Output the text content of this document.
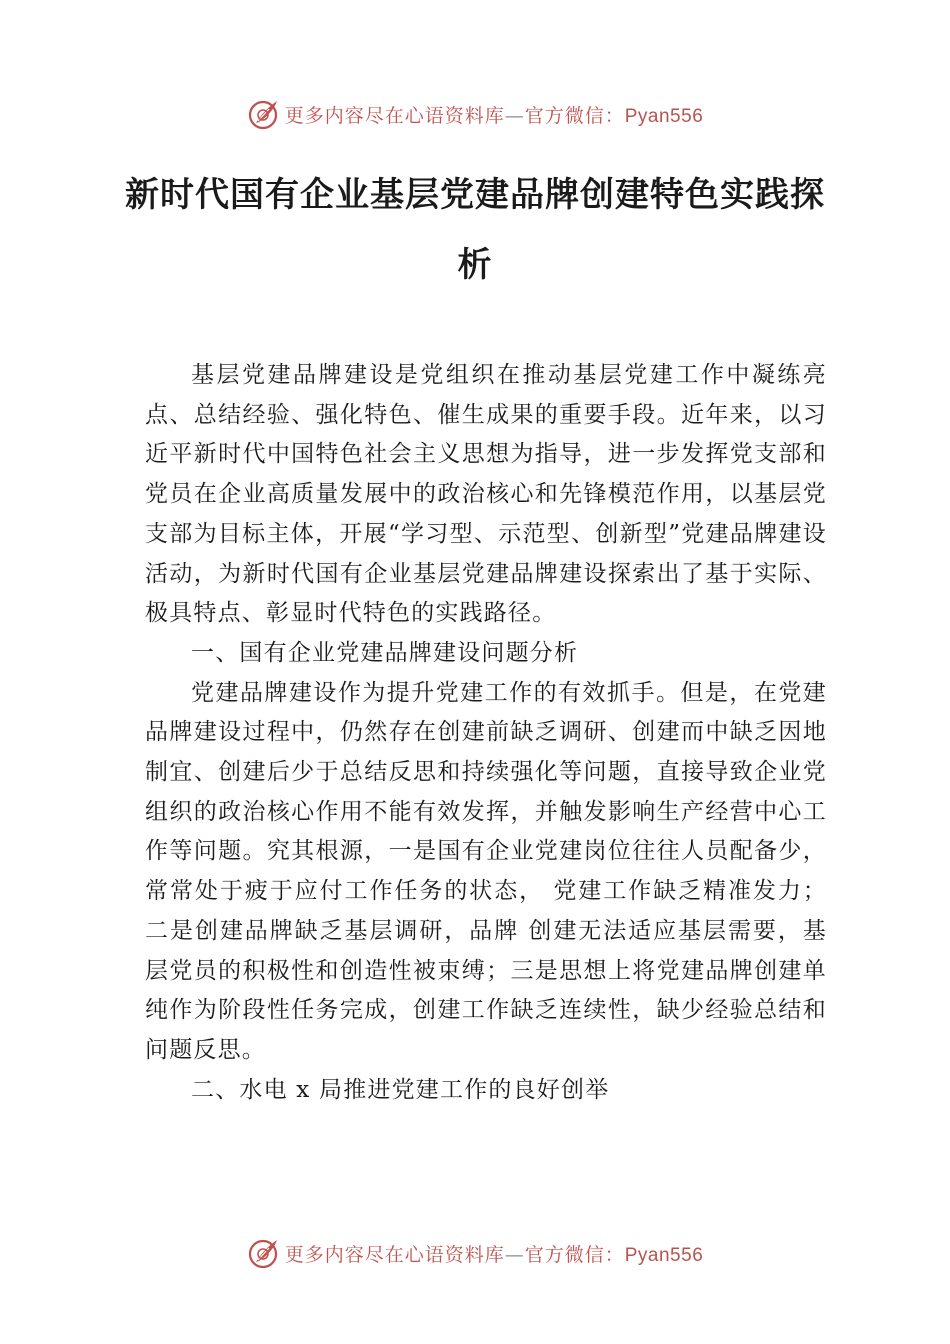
更多内容尽在心语资料库—官方微信：Pyan556
新时代国有企业基层党建品牌创建特色实践探析

基层党建品牌建设是党组织在推动基层党建工作中凝练亮点、总结经验、强化特色、催生成果的重要手段。近年来，以习近平新时代中国特色社会主义思想为指导，进一步发挥党支部和党员在企业高质量发展中的政治核心和先锋模范作用，以基层党支部为目标主体，开展“学习型、示范型、创新型”党建品牌建设活动，为新时代国有企业基层党建品牌建设探索出了基于实际、极具特点、彰显时代特色的实践路径。

一、国有企业党建品牌建设问题分析

党建品牌建设作为提升党建工作的有效抓手。但是，在党建品牌建设过程中，仍然存在创建前缺乏调研、创建而中缺乏因地制宜、创建后少于总结反思和持续强化等问题，直接导致企业党组织的政治核心作用不能有效发挥，并触发影响生产经营中心工作等问题。究其根源，一是国有企业党建岗位往往人员配备少，常常处于疲于应付工作任务的状态， 党建工作缺乏精准发力；二是创建品牌缺乏基层调研，品牌 创建无法适应基层需要，基层党员的积极性和创造性被束缚；三是思想上将党建品牌创建单纯作为阶段性任务完成，创建工作缺乏连续性，缺少经验总结和问题反思。

二、水电 x 局推进党建工作的良好创举

更多内容尽在心语资料库—官方微信：Pyan556
